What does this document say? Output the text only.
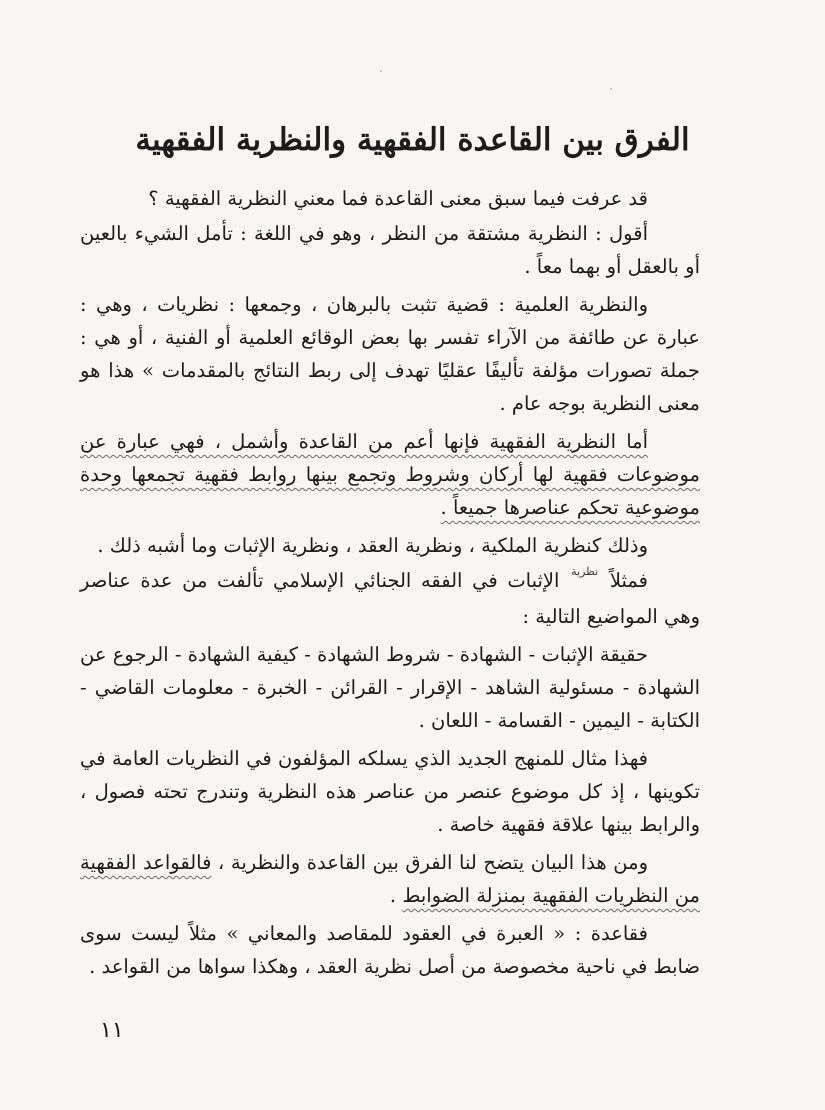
الفرق بين القاعدة الفقهية والنظرية الفقهية

قد عرفت فيما سبق معنى القاعدة فما معني النظرية الفقهية ؟

أقول : النظرية مشتقة من النظر ، وهو في اللغة : تأمل الشيء بالعين أو بالعقل أو بهما معاً .

والنظرية العلمية : قضية تثبت بالبرهان ، وجمعها : نظريات ، وهي : عبارة عن طائفة من الآراء تفسر بها بعض الوقائع العلمية أو الفنية ، أو هي : جملة تصورات مؤلفة تأليفًا عقليًا تهدف إلى ربط النتائج بالمقدمات » هذا هو معنى النظرية بوجه عام .

أما النظرية الفقهية فإنها أعم من القاعدة وأشمل ، فهي عبارة عن موضوعات فقهية لها أركان وشروط وتجمع بينها روابط فقهية تجمعها وحدة موضوعية تحكم عناصرها جميعاً .

وذلك كنظرية الملكية ، ونظرية العقد ، ونظرية الإثبات وما أشبه ذلك .

فمثلاً $^{نظرية}$ الإثبات في الفقه الجنائي الإسلامي تألفت من عدة عناصر وهي المواضيع التالية :

حقيقة الإثبات - الشهادة - شروط الشهادة - كيفية الشهادة - الرجوع عن الشهادة - مسئولية الشاهد - الإقرار - القرائن - الخبرة - معلومات القاضي - الكتابة - اليمين - القسامة - اللعان .

فهذا مثال للمنهج الجديد الذي يسلكه المؤلفون في النظريات العامة في تكوينها ، إذ كل موضوع عنصر من عناصر هذه النظرية وتندرج تحته فصول ، والرابط بينها علاقة فقهية خاصة .

ومن هذا البيان يتضح لنا الفرق بين القاعدة والنظرية ، فالقواعد الفقهية من النظريات الفقهية بمنزلة الضوابط .

فقاعدة : « العبرة في العقود للمقاصد والمعاني » مثلاً ليست سوى ضابط في ناحية مخصوصة من أصل نظرية العقد ، وهكذا سواها من القواعد .

١١
